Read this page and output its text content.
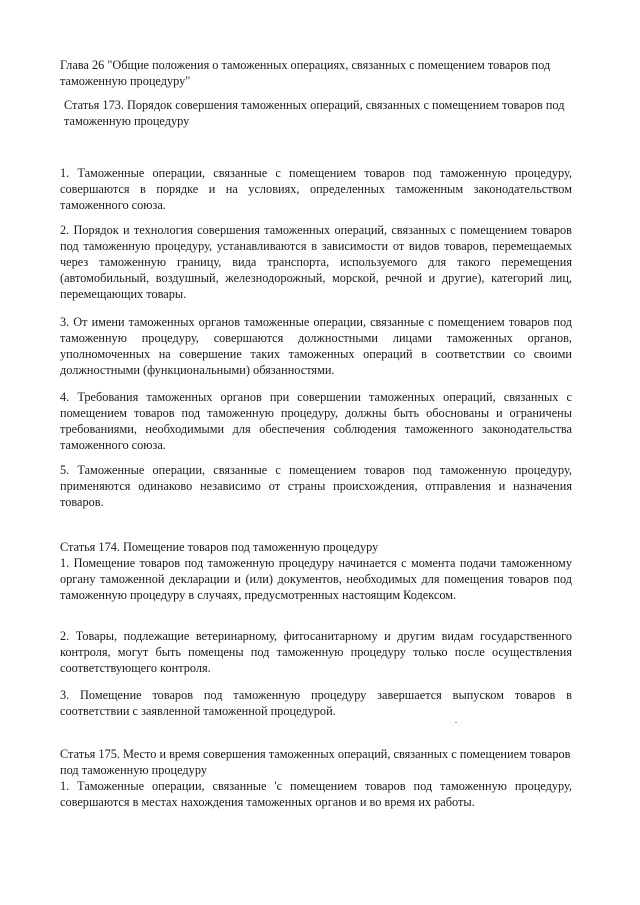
Глава 26 "Общие положения о таможенных операциях, связанных с помещением товаров под таможенную процедуру"

Статья 173. Порядок совершения таможенных операций, связанных с помещением товаров под таможенную процедуру

1. Таможенные операции, связанные с помещением товаров под таможенную процедуру, совершаются в порядке и на условиях, определенных таможенным законодательством таможенного союза.

2. Порядок и технология совершения таможенных операций, связанных с помещением товаров под таможенную процедуру, устанавливаются в зависимости от видов товаров, перемещаемых через таможенную границу, вида транспорта, используемого для такого перемещения (автомобильный, воздушный, железнодорожный, морской, речной и другие), категорий лиц, перемещающих товары.

3. От имени таможенных органов таможенные операции, связанные с помещением товаров под таможенную процедуру, совершаются должностными лицами таможенных органов, уполномоченных на совершение таких таможенных операций в соответствии со своими должностными (функциональными) обязанностями.

4. Требования таможенных органов при совершении таможенных операций, связанных с помещением товаров под таможенную процедуру, должны быть обоснованы и ограничены требованиями, необходимыми для обеспечения соблюдения таможенного законодательства таможенного союза.

5. Таможенные операции, связанные с помещением товаров под таможенную процедуру, применяются одинаково независимо от страны происхождения, отправления и назначения товаров.

Статья 174. Помещение товаров под таможенную процедуру

1. Помещение товаров под таможенную процедуру начинается с момента подачи таможенному органу таможенной декларации и (или) документов, необходимых для помещения товаров под таможенную процедуру в случаях, предусмотренных настоящим Кодексом.

2. Товары, подлежащие ветеринарному, фитосанитарному и другим видам государственного контроля, могут быть помещены под таможенную процедуру только после осуществления соответствующего контроля.

3. Помещение товаров под таможенную процедуру завершается выпуском товаров в соответствии с заявленной таможенной процедурой.

Статья 175. Место и время совершения таможенных операций, связанных с помещением товаров под таможенную процедуру

1. Таможенные операции, связанные 'с помещением товаров под таможенную процедуру, совершаются в местах нахождения таможенных органов и во время их работы.
